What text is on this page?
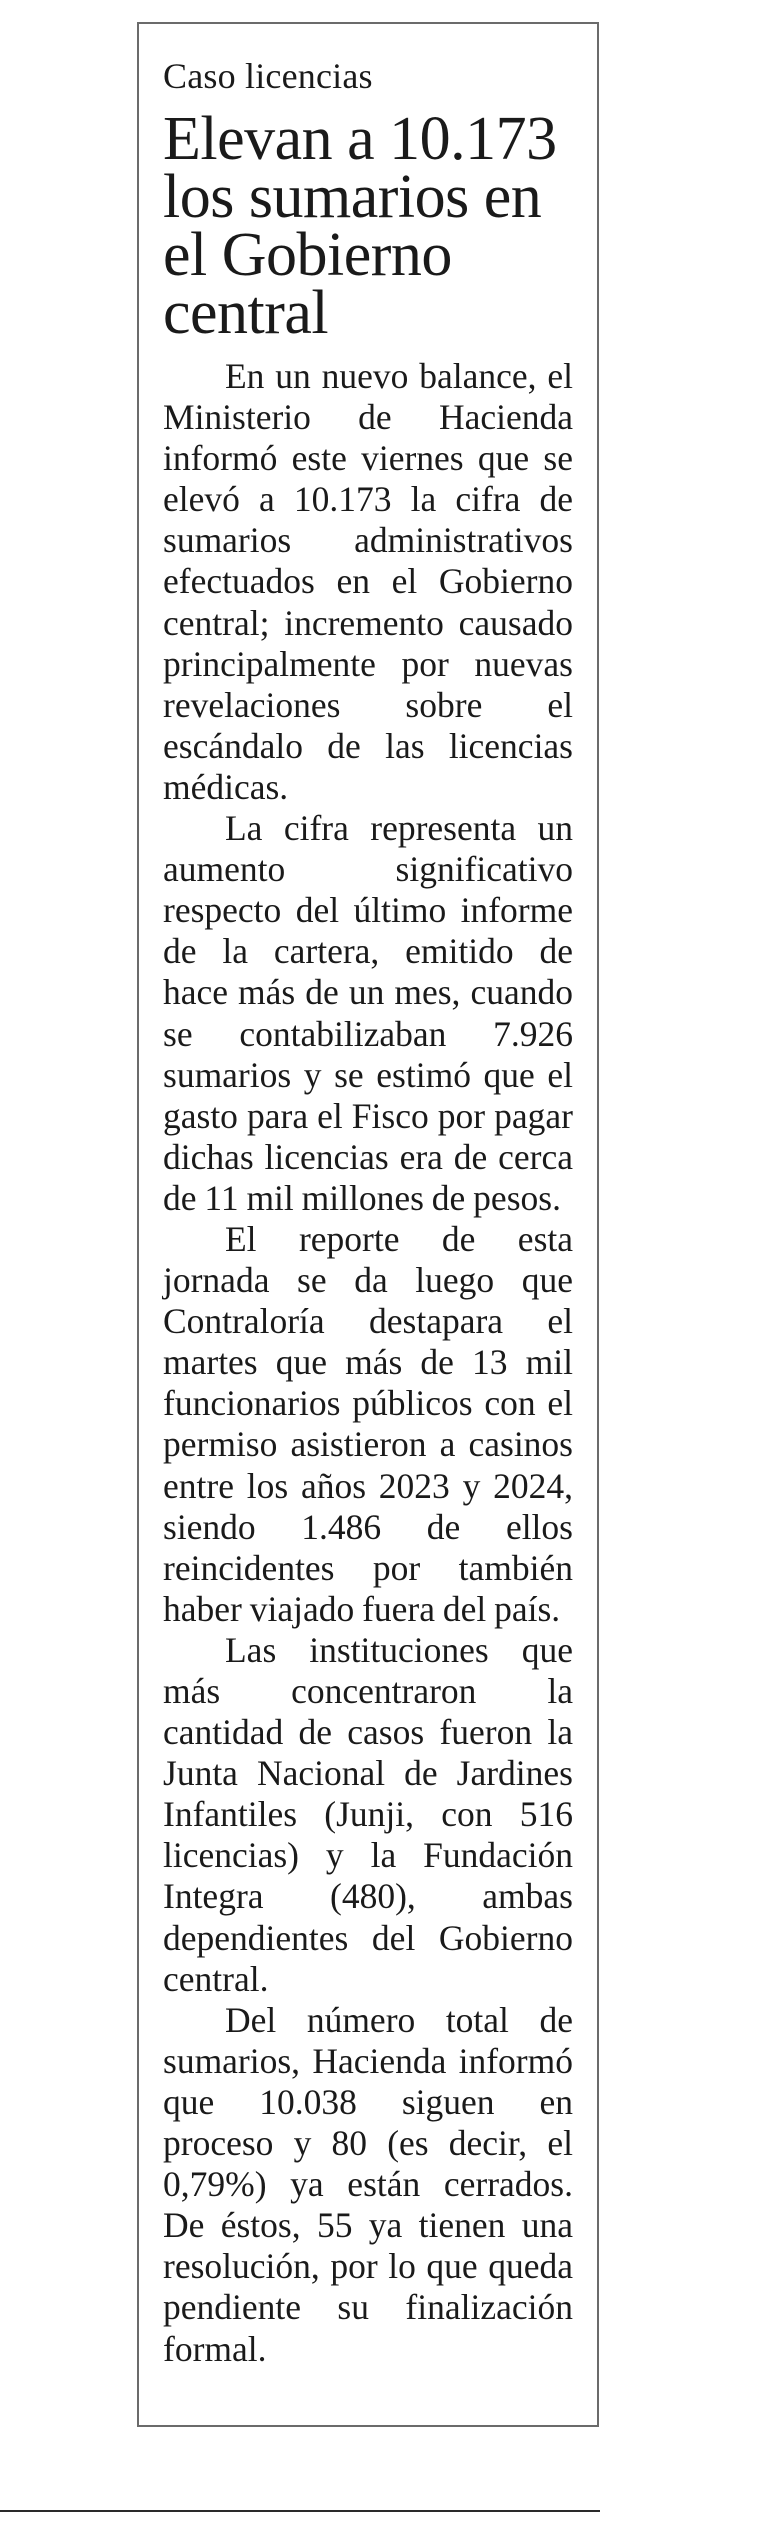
Caso licencias
Elevan a 10.173 los sumarios en el Gobierno central

En un nuevo balance, el Ministerio de Hacienda informó este viernes que se elevó a 10.173 la cifra de sumarios administrativos efectuados en el Gobierno central; incremento causado principalmente por nuevas revelaciones sobre el escándalo de las licencias médicas.

La cifra representa un aumento significativo respecto del último informe de la cartera, emitido de hace más de un mes, cuando se contabilizaban 7.926 sumarios y se estimó que el gasto para el Fisco por pagar dichas licencias era de cerca de 11 mil millones de pesos.

El reporte de esta jornada se da luego que Contraloría destapara el martes que más de 13 mil funcionarios públicos con el permiso asistieron a casinos entre los años 2023 y 2024, siendo 1.486 de ellos reincidentes por también haber viajado fuera del país.

Las instituciones que más concentraron la cantidad de casos fueron la Junta Nacional de Jardines Infantiles (Junji, con 516 licencias) y la Fundación Integra (480), ambas dependientes del Gobierno central.

Del número total de sumarios, Hacienda informó que 10.038 siguen en proceso y 80 (es decir, el 0,79%) ya están cerrados. De éstos, 55 ya tienen una resolución, por lo que queda pendiente su finalización formal.
